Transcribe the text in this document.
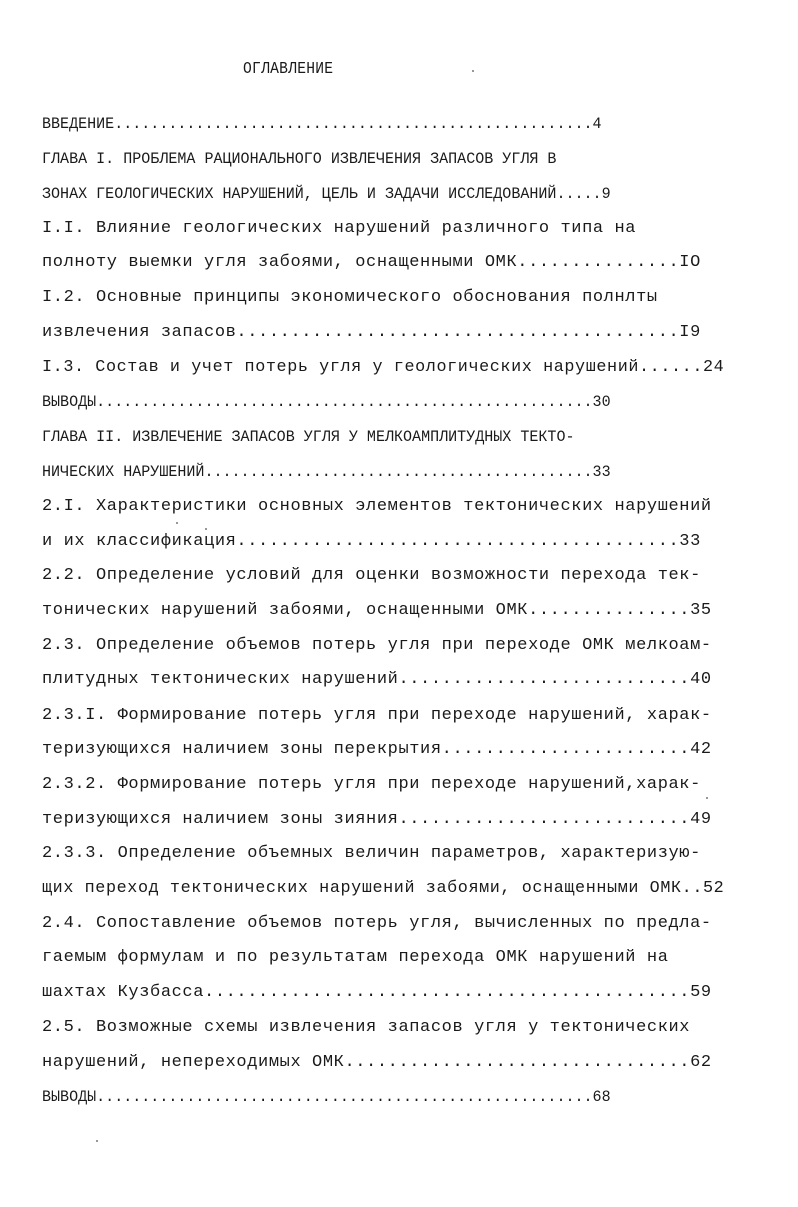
ОГЛАВЛЕНИЕ
ВВЕДЕНИЕ.....................................................4
ГЛАВА I. ПРОБЛЕМА РАЦИОНАЛЬНОГО ИЗВЛЕЧЕНИЯ ЗАПАСОВ УГЛЯ В
ЗОНАХ ГЕОЛОГИЧЕСКИХ НАРУШЕНИЙ, ЦЕЛЬ И ЗАДАЧИ ИССЛЕДОВАНИЙ.....9
I.I. Влияние геологических нарушений различного типа на
полноту выемки угля забоями, оснащенными ОМК...............IO
I.2. Основные принципы экономического обоснования полнлты
извлечения запасов.........................................I9
I.3. Состав и учет потерь угля у геологических нарушений......24
ВЫВОДЫ.......................................................30
ГЛАВА II. ИЗВЛЕЧЕНИЕ ЗАПАСОВ УГЛЯ У МЕЛКОАМПЛИТУДНЫХ ТЕКТО-
НИЧЕСКИХ НАРУШЕНИЙ...........................................33
2.I. Характеристики основных элементов тектонических нарушений
и их классификация.........................................33
2.2. Определение условий для оценки возможности перехода тек-
тонических нарушений забоями, оснащенными ОМК...............35
2.3. Определение объемов потерь угля при переходе ОМК мелкоам-
плитудных тектонических нарушений...........................40
2.3.I. Формирование потерь угля при переходе нарушений, харак-
теризующихся наличием зоны перекрытия.......................42
2.3.2. Формирование потерь угля при переходе нарушений,харак-
теризующихся наличием зоны зияния...........................49
2.3.3. Определение объемных величин параметров, характеризую-
щих переход тектонических нарушений забоями, оснащенными ОМК..52
2.4. Сопоставление объемов потерь угля, вычисленных по предла-
гаемым формулам и по результатам перехода ОМК нарушений на
шахтах Кузбасса.............................................59
2.5. Возможные схемы извлечения запасов угля у тектонических
нарушений, непереходимых ОМК................................62
ВЫВОДЫ.......................................................68
